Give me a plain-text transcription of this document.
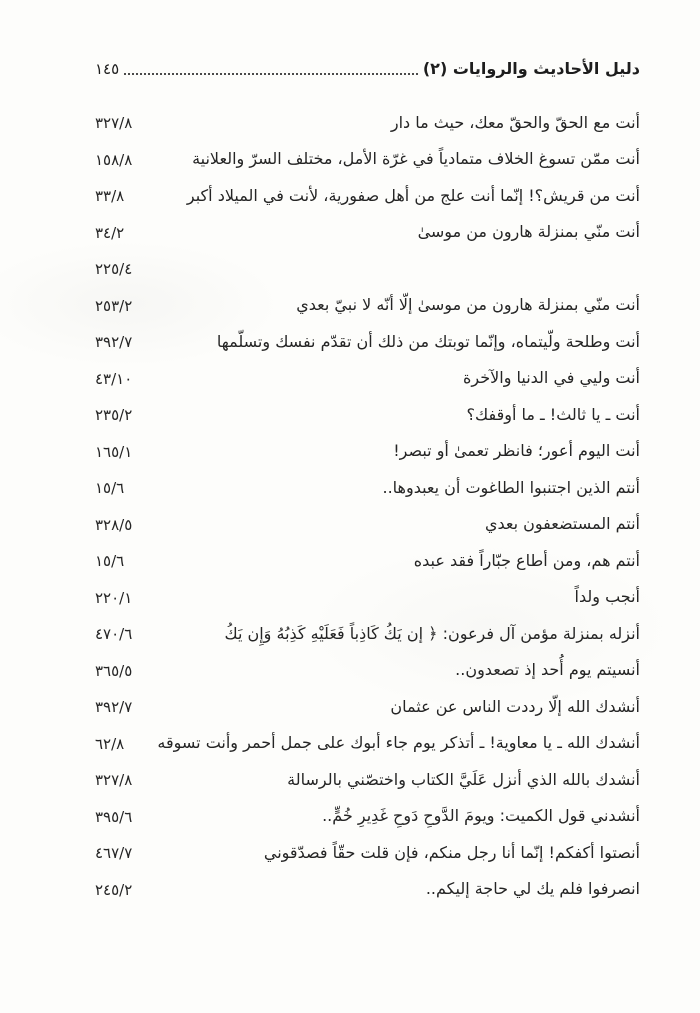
دليل الأحاديث والروايات (٢)
١٤٥
أنت مع الحقّ والحقّ معك، حيث ما دار
٣٢٧/٨
أنت ممّن تسوغ الخلاف متمادياً في غرّة الأمل، مختلف السرّ والعلانية
١٥٨/٨
أنت من قريش؟! إنّما أنت علج من أهل صفورية، لأنت في الميلاد أكبر
٣٣/٨
أنت منّي بمنزلة هارون من موسىٰ
٣٤/٢
٢٢٥/٤
أنت منّي بمنزلة هارون من موسىٰ إلّا أنّه لا نبيّ بعدي
٢٥٣/٢
أنت وطلحة ولّيتماه، وإنّما توبتك من ذلك أن تقدّم نفسك وتسلّمها
٣٩٢/٧
أنت وليي في الدنيا والآخرة
٤٣/١٠
أنت ـ يا ثالث! ـ ما أوقفك؟
٢٣٥/٢
أنت اليوم أعور؛ فانظر تعمىٰ أو تبصر!
١٦٥/١
أنتم الذين اجتنبوا الطاغوت أن يعبدوها..
١٥/٦
أنتم المستضعفون بعدي
٣٢٨/٥
أنتم هم، ومن أطاع جبّاراً فقد عبده
١٥/٦
أنجب ولداً
٢٢٠/١
أنزله بمنزلة مؤمن آل فرعون: ﴿ إن يَكُ كَاذِباً فَعَلَيْهِ كَذِبُهُ وَإِن يَكُ
٤٧٠/٦
أنسيتم يوم أُحد إذ تصعدون..
٣٦٥/٥
أنشدك الله إلّا رددت الناس عن عثمان
٣٩٢/٧
أنشدك الله ـ يا معاوية! ـ أتذكر يوم جاء أبوك على جمل أحمر وأنت تسوقه
٦٢/٨
أنشدك بالله الذي أنزل عَلَيَّ الكتاب واختصّني بالرسالة
٣٢٧/٨
أنشدني قول الكميت: ويومَ الدَّوحِ دَوحِ غَدِيرِ خُمٍّ..
٣٩٥/٦
أنصتوا أكفكم! إنّما أنا رجل منكم، فإن قلت حقّاً فصدّقوني
٤٦٧/٧
انصرفوا فلم يك لي حاجة إليكم..
٢٤٥/٢
